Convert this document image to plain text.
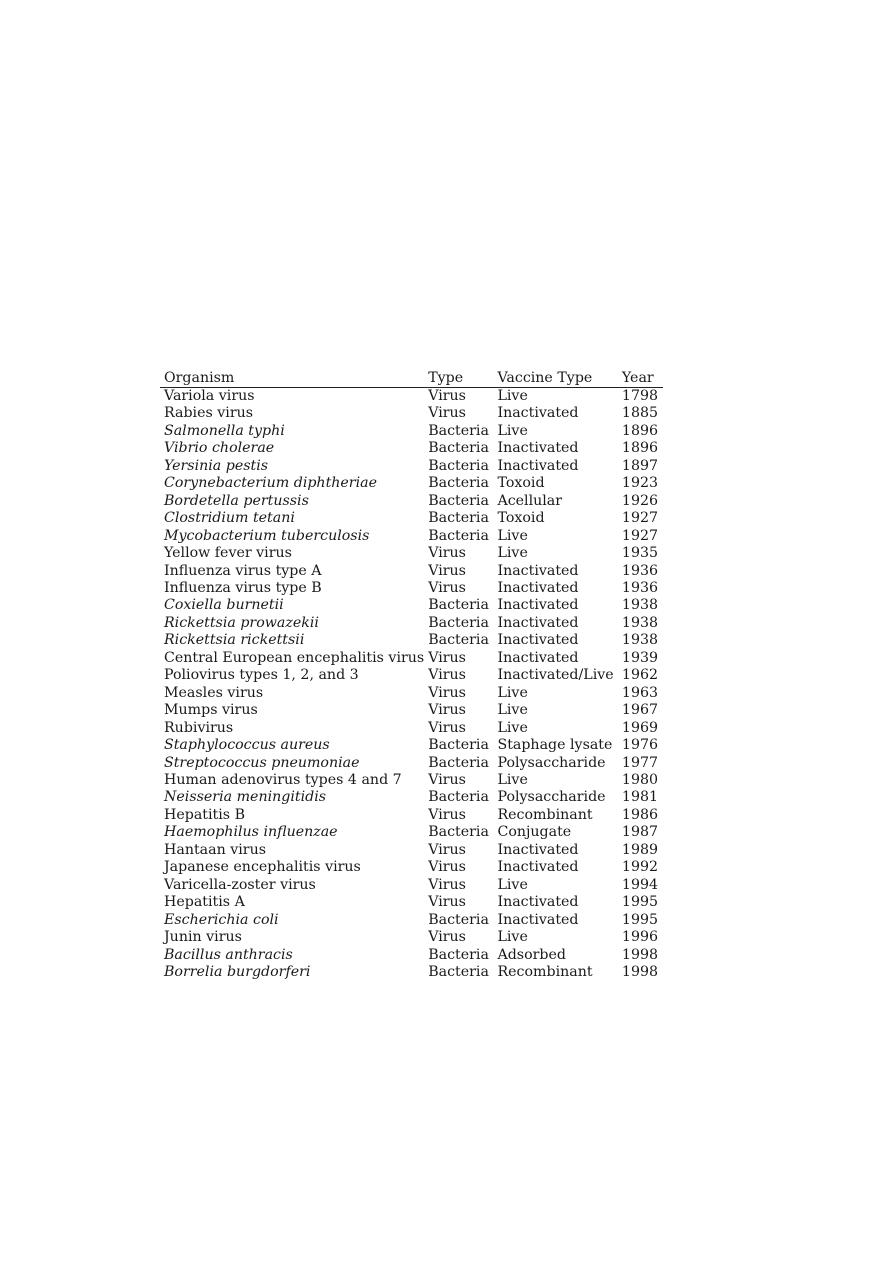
Organism	Type	Vaccine Type	Year
Variola virus	Virus	Live	1798
Rabies virus	Virus	Inactivated	1885
Salmonella typhi	Bacteria	Live	1896
Vibrio cholerae	Bacteria	Inactivated	1896
Yersinia pestis	Bacteria	Inactivated	1897
Corynebacterium diphtheriae	Bacteria	Toxoid	1923
Bordetella pertussis	Bacteria	Acellular	1926
Clostridium tetani	Bacteria	Toxoid	1927
Mycobacterium tuberculosis	Bacteria	Live	1927
Yellow fever virus	Virus	Live	1935
Influenza virus type A	Virus	Inactivated	1936
Influenza virus type B	Virus	Inactivated	1936
Coxiella burnetii	Bacteria	Inactivated	1938
Rickettsia prowazekii	Bacteria	Inactivated	1938
Rickettsia rickettsii	Bacteria	Inactivated	1938
Central European encephalitis virus	Virus	Inactivated	1939
Poliovirus types 1, 2, and 3	Virus	Inactivated/Live	1962
Measles virus	Virus	Live	1963
Mumps virus	Virus	Live	1967
Rubivirus	Virus	Live	1969
Staphylococcus aureus	Bacteria	Staphage lysate	1976
Streptococcus pneumoniae	Bacteria	Polysaccharide	1977
Human adenovirus types 4 and 7	Virus	Live	1980
Neisseria meningitidis	Bacteria	Polysaccharide	1981
Hepatitis B	Virus	Recombinant	1986
Haemophilus influenzae	Bacteria	Conjugate	1987
Hantaan virus	Virus	Inactivated	1989
Japanese encephalitis virus	Virus	Inactivated	1992
Varicella-zoster virus	Virus	Live	1994
Hepatitis A	Virus	Inactivated	1995
Escherichia coli	Bacteria	Inactivated	1995
Junin virus	Virus	Live	1996
Bacillus anthracis	Bacteria	Adsorbed	1998
Borrelia burgdorferi	Bacteria	Recombinant	1998
